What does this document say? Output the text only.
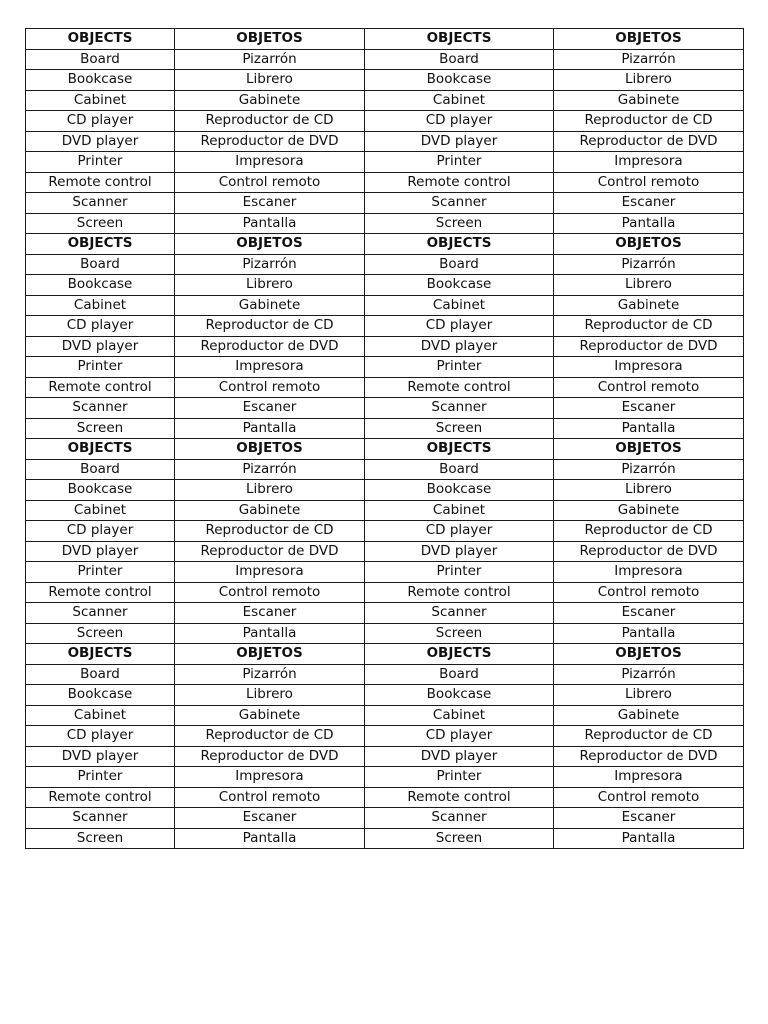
OBJECTS	OBJETOS	OBJECTS	OBJETOS
Board	Pizarrón	Board	Pizarrón
Bookcase	Librero	Bookcase	Librero
Cabinet	Gabinete	Cabinet	Gabinete
CD player	Reproductor de CD	CD player	Reproductor de CD
DVD player	Reproductor de DVD	DVD player	Reproductor de DVD
Printer	Impresora	Printer	Impresora
Remote control	Control remoto	Remote control	Control remoto
Scanner	Escaner	Scanner	Escaner
Screen	Pantalla	Screen	Pantalla
OBJECTS	OBJETOS	OBJECTS	OBJETOS
Board	Pizarrón	Board	Pizarrón
Bookcase	Librero	Bookcase	Librero
Cabinet	Gabinete	Cabinet	Gabinete
CD player	Reproductor de CD	CD player	Reproductor de CD
DVD player	Reproductor de DVD	DVD player	Reproductor de DVD
Printer	Impresora	Printer	Impresora
Remote control	Control remoto	Remote control	Control remoto
Scanner	Escaner	Scanner	Escaner
Screen	Pantalla	Screen	Pantalla
OBJECTS	OBJETOS	OBJECTS	OBJETOS
Board	Pizarrón	Board	Pizarrón
Bookcase	Librero	Bookcase	Librero
Cabinet	Gabinete	Cabinet	Gabinete
CD player	Reproductor de CD	CD player	Reproductor de CD
DVD player	Reproductor de DVD	DVD player	Reproductor de DVD
Printer	Impresora	Printer	Impresora
Remote control	Control remoto	Remote control	Control remoto
Scanner	Escaner	Scanner	Escaner
Screen	Pantalla	Screen	Pantalla
OBJECTS	OBJETOS	OBJECTS	OBJETOS
Board	Pizarrón	Board	Pizarrón
Bookcase	Librero	Bookcase	Librero
Cabinet	Gabinete	Cabinet	Gabinete
CD player	Reproductor de CD	CD player	Reproductor de CD
DVD player	Reproductor de DVD	DVD player	Reproductor de DVD
Printer	Impresora	Printer	Impresora
Remote control	Control remoto	Remote control	Control remoto
Scanner	Escaner	Scanner	Escaner
Screen	Pantalla	Screen	Pantalla
